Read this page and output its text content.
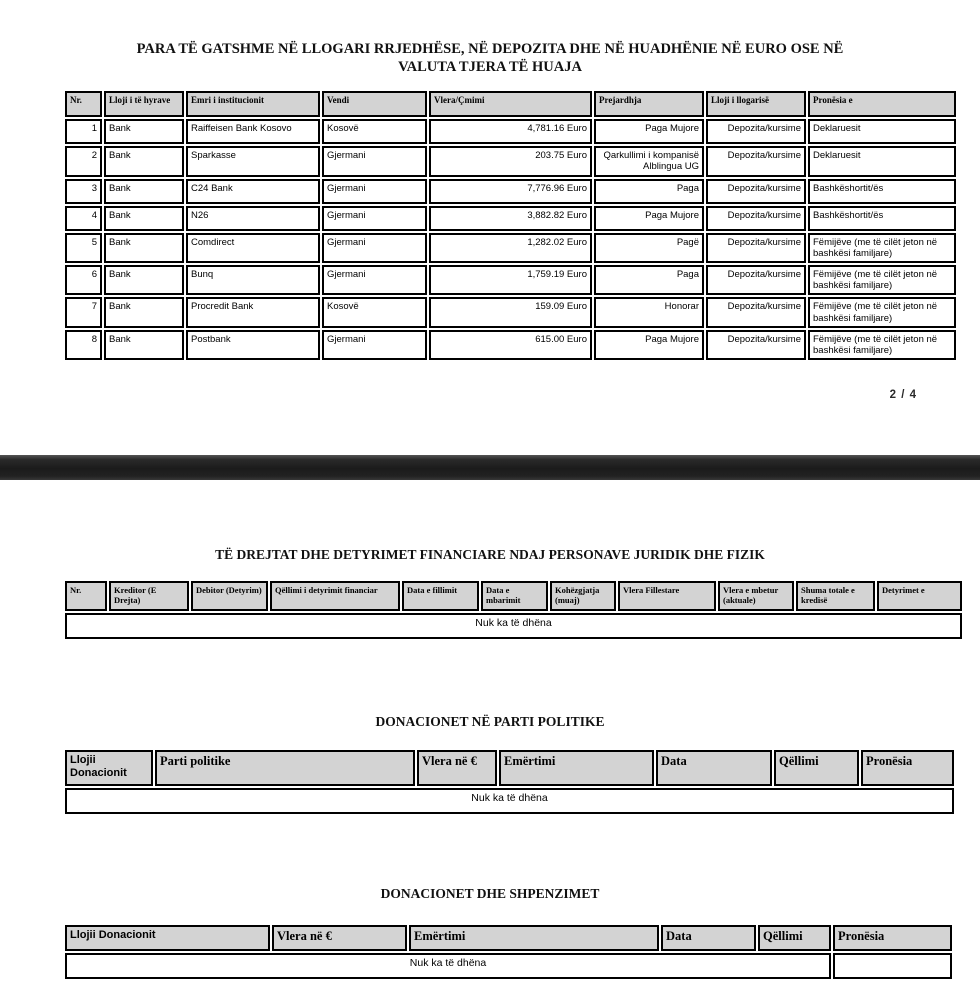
PARA TË GATSHME NË LLOGARI RRJEDHËSE, NË DEPOZITA DHE NË HUADHËNIE NË EURO OSE NË
VALUTA TJERA TË HUAJA
Nr.	Lloji i të hyrave	Emri i institucionit	Vendi	Vlera/Çmimi	Prejardhja	Lloji i llogarisë	Pronësia e
1	Bank	Raiffeisen Bank Kosovo	Kosovë	4,781.16 Euro	Paga Mujore	Depozita/kursime	Deklaruesit
2	Bank	Sparkasse	Gjermani	203.75 Euro	Qarkullimi i kompanisë Alblingua UG	Depozita/kursime	Deklaruesit
3	Bank	C24 Bank	Gjermani	7,776.96 Euro	Paga	Depozita/kursime	Bashkëshortit/ës
4	Bank	N26	Gjermani	3,882.82 Euro	Paga Mujore	Depozita/kursime	Bashkëshortit/ës
5	Bank	Comdirect	Gjermani	1,282.02 Euro	Pagë	Depozita/kursime	Fëmijëve (me të cilët jeton në bashkësi familjare)
6	Bank	Bunq	Gjermani	1,759.19 Euro	Paga	Depozita/kursime	Fëmijëve (me të cilët jeton në bashkësi familjare)
7	Bank	Procredit Bank	Kosovë	159.09 Euro	Honorar	Depozita/kursime	Fëmijëve (me të cilët jeton në bashkësi familjare)
8	Bank	Postbank	Gjermani	615.00 Euro	Paga Mujore	Depozita/kursime	Fëmijëve (me të cilët jeton në bashkësi familjare)
2 / 4
TË DREJTAT DHE DETYRIMET FINANCIARE NDAJ PERSONAVE JURIDIK DHE FIZIK
Nr.	Kreditor (E Drejta)	Debitor (Detyrim)	Qëllimi i detyrimit financiar	Data e fillimit	Data e mbarimit	Kohëzgjatja (muaj)	Vlera Fillestare	Vlera e mbetur (aktuale)	Shuma totale e kredisë	Detyrimet e
Nuk ka të dhëna
DONACIONET NË PARTI POLITIKE
Llojii Donacionit	Parti politike	Vlera në €	Emërtimi	Data	Qëllimi	Pronësia
Nuk ka të dhëna
DONACIONET DHE SHPENZIMET
Llojii Donacionit	Vlera në €	Emërtimi	Data	Qëllimi	Pronësia
Nuk ka të dhëna					
